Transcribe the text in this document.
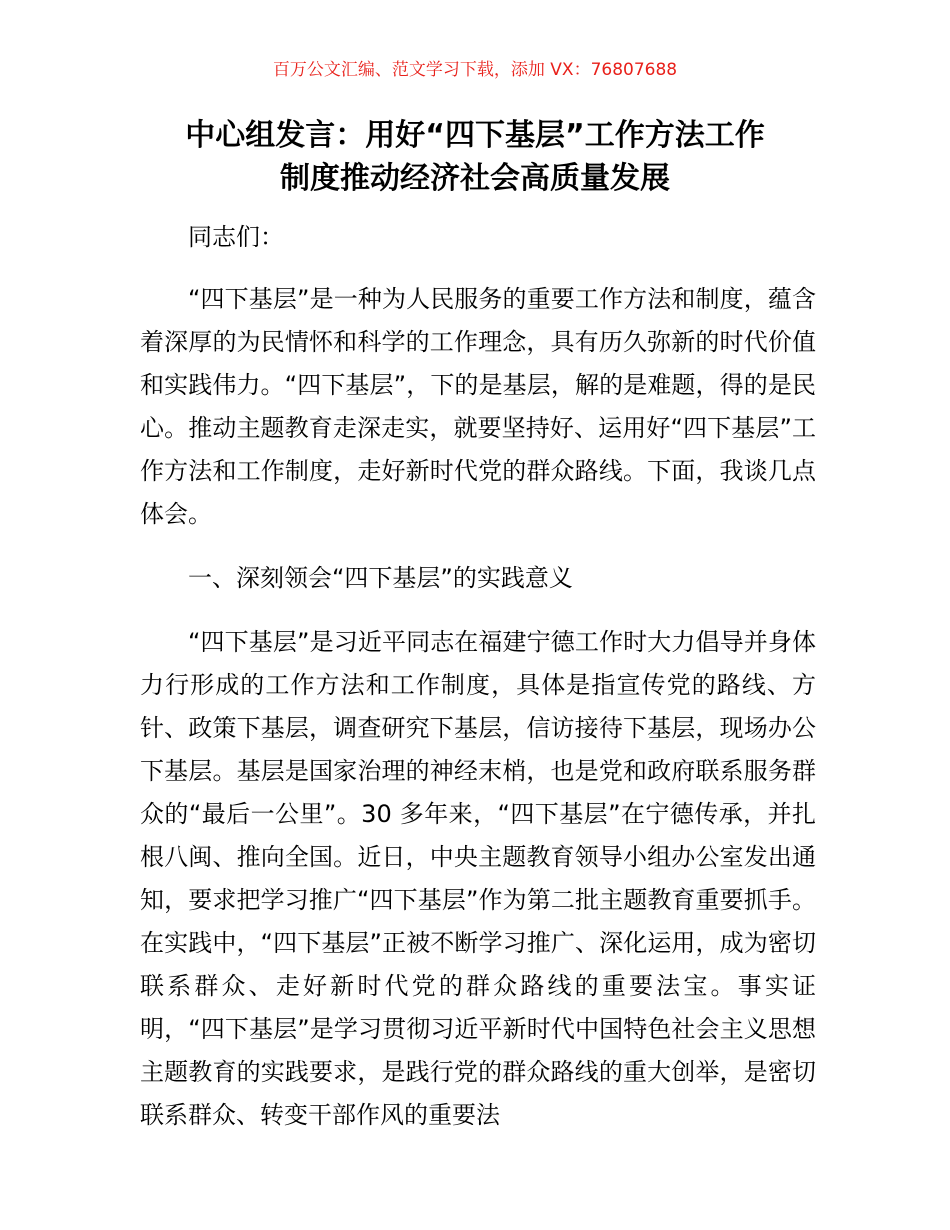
百万公文汇编、范文学习下载，添加 VX：76807688
中心组发言：用好“四下基层”工作方法工作
制度推动经济社会高质量发展

同志们：

“四下基层”是一种为人民服务的重要工作方法和制度，蕴含着深厚的为民情怀和科学的工作理念，具有历久弥新的时代价值和实践伟力。“四下基层”，下的是基层，解的是难题，得的是民心。推动主题教育走深走实，就要坚持好、运用好“四下基层”工作方法和工作制度，走好新时代党的群众路线。下面，我谈几点体会。

一、深刻领会“四下基层”的实践意义

“四下基层”是习近平同志在福建宁德工作时大力倡导并身体力行形成的工作方法和工作制度，具体是指宣传党的路线、方针、政策下基层，调查研究下基层，信访接待下基层，现场办公下基层。基层是国家治理的神经末梢，也是党和政府联系服务群众的“最后一公里”。30 多年来，“四下基层”在宁德传承，并扎根八闽、推向全国。近日，中央主题教育领导小组办公室发出通知，要求把学习推广“四下基层”作为第二批主题教育重要抓手。在实践中，“四下基层”正被不断学习推广、深化运用，成为密切联系群众、走好新时代党的群众路线的重要法宝。事实证明，“四下基层”是学习贯彻习近平新时代中国特色社会主义思想主题教育的实践要求，是践行党的群众路线的重大创举，是密切联系群众、转变干部作风的重要法
